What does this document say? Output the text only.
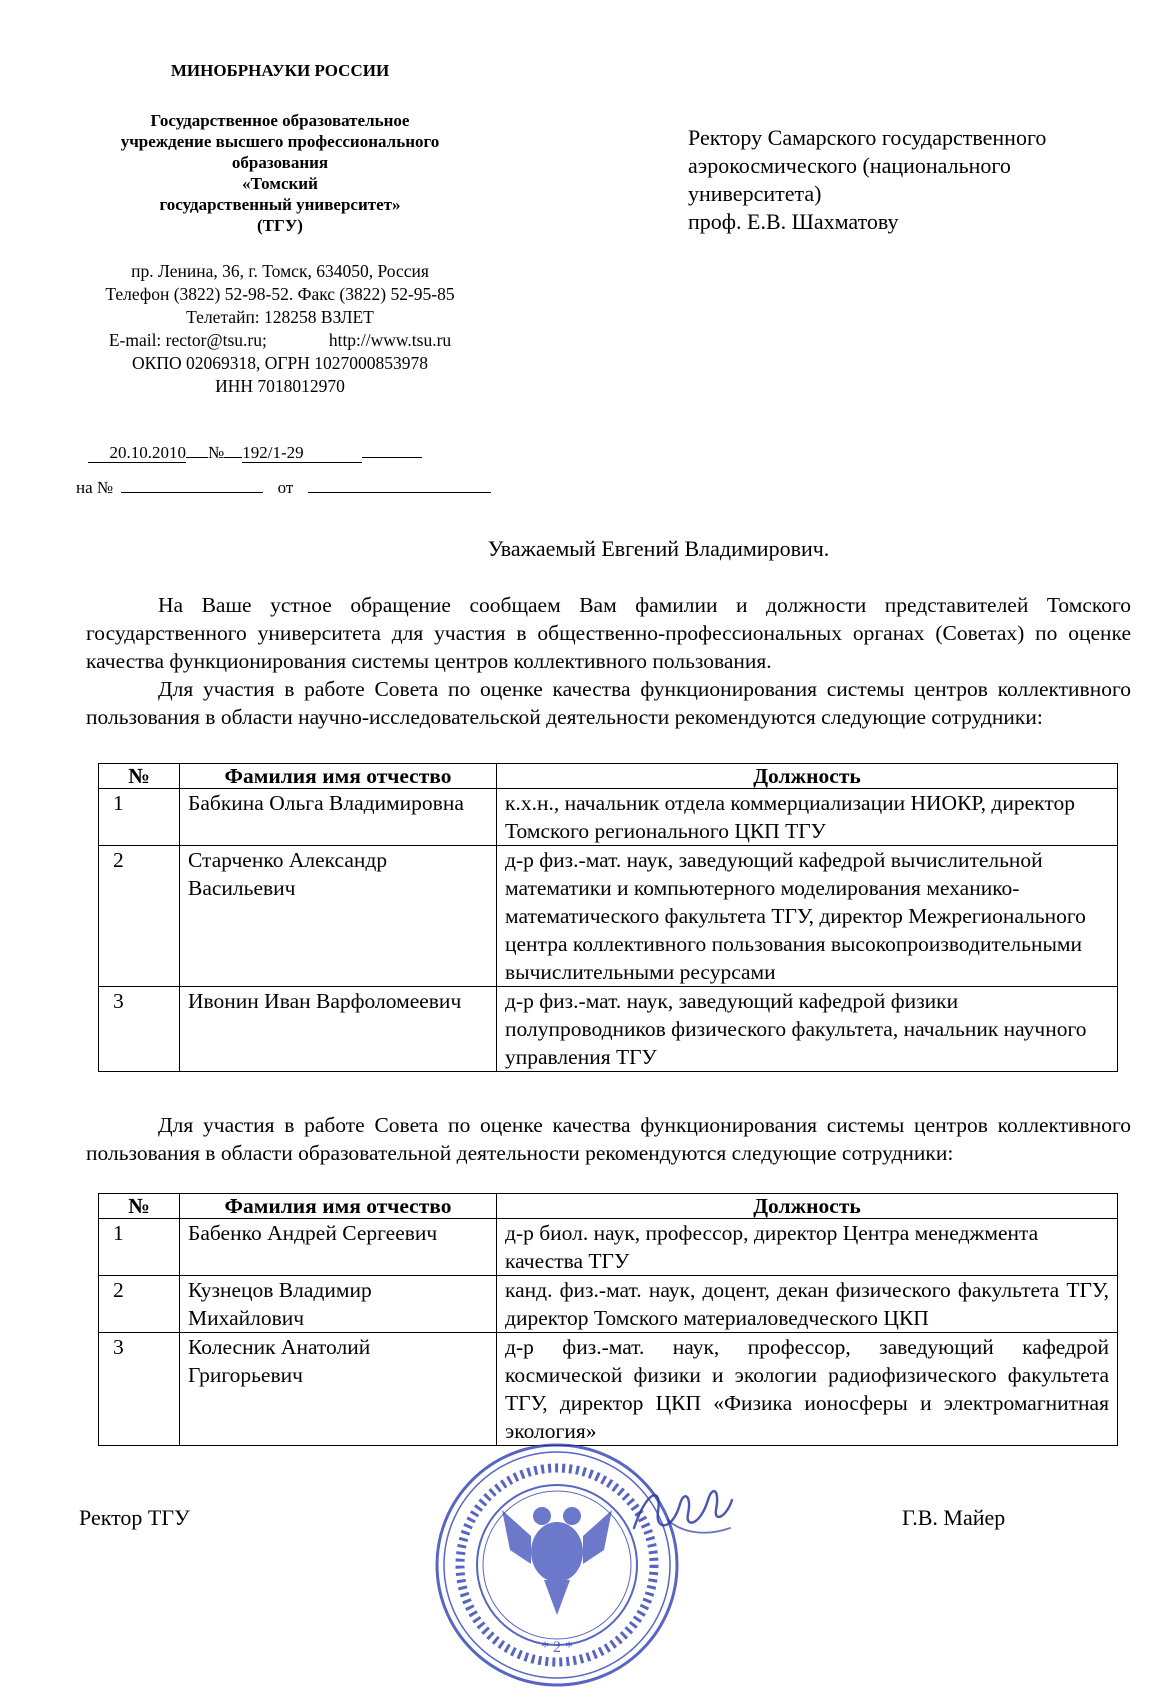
МИНОБРНАУКИ РОССИИ
Государственное образовательное
учреждение высшего профессионального
образования
«Томский
государственный университет»
(ТГУ)
пр. Ленина, 36, г. Томск, 634050, Россия
Телефон (3822) 52-98-52. Факс (3822) 52-95-85
Телетайп: 128258 ВЗЛЕТ
E-mail: rector@tsu.ru;	http://www.tsu.ru
ОКПО 02069318, ОГРН 1027000853978
ИНН 7018012970
20.10.2010 № 192/1-29
на №	от
Ректору Самарского государственного
аэрокосмического (национального
университета)
проф. Е.В. Шахматову
Уважаемый Евгений Владимирович.
На Ваше устное обращение сообщаем Вам фамилии и должности представителей Томского государственного университета для участия в общественно-профессиональных органах (Советах) по оценке качества функционирования системы центров коллективного пользования.
Для участия в работе Совета по оценке качества функционирования системы центров коллективного пользования в области научно-исследовательской деятельности рекомендуются следующие сотрудники:
№	Фамилия имя отчество	Должность
1	Бабкина Ольга Владимировна	к.х.н., начальник отдела коммерциализации НИОКР, директор Томского регионального ЦКП ТГУ
2	Старченко Александр Васильевич	д-р физ.-мат. наук, заведующий кафедрой вычислительной математики и компьютерного моделирования механико-математического факультета ТГУ, директор Межрегионального центра коллективного пользования высокопроизводительными вычислительными ресурсами
3	Ивонин Иван Варфоломеевич	д-р физ.-мат. наук, заведующий кафедрой физики полупроводников физического факультета, начальник научного управления ТГУ
Для участия в работе Совета по оценке качества функционирования системы центров коллективного пользования в области образовательной деятельности рекомендуются следующие сотрудники:
№	Фамилия имя отчество	Должность
1	Бабенко Андрей Сергеевич	д-р биол. наук, профессор, директор Центра менеджмента качества ТГУ
2	Кузнецов Владимир Михайлович	канд. физ.-мат. наук, доцент, декан физического факультета ТГУ, директор Томского материаловедческого ЦКП
3	Колесник Анатолий Григорьевич	д-р физ.-мат. наук, профессор, заведующий кафедрой космической физики и экологии радиофизического факультета ТГУ, директор ЦКП «Физика ионосферы и электромагнитная экология»
* 2 *
Ректор ТГУ	Г.В. Майер
